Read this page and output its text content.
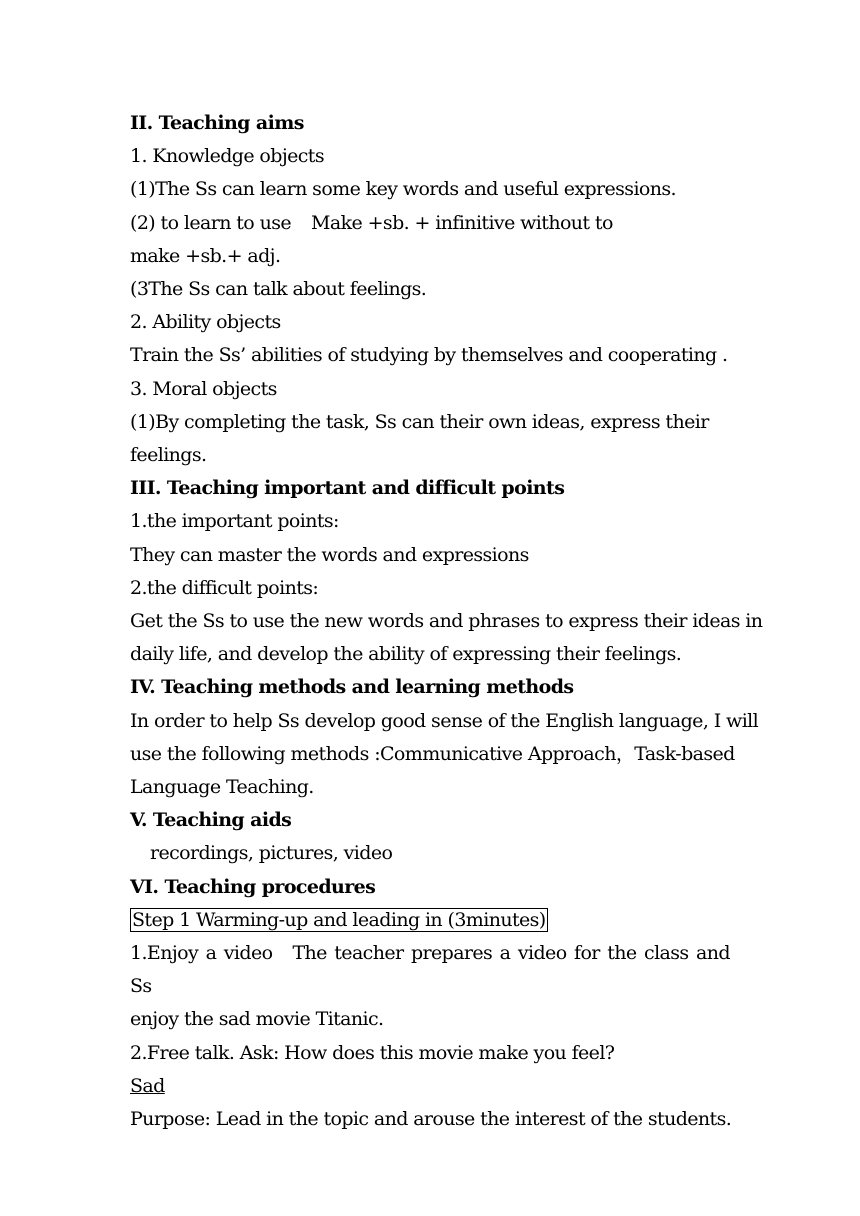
II. Teaching aims
1. Knowledge objects
(1)The Ss can learn some key words and useful expressions.
(2) to learn to use Make +sb. + infinitive without to
make +sb.+ adj.
(3The Ss can talk about feelings.
2. Ability objects
Train the Ss’ abilities of studying by themselves and cooperating .
3. Moral objects
(1)By completing the task, Ss can their own ideas, express their
feelings.
III. Teaching important and difficult points
1.the important points:
They can master the words and expressions
2.the difficult points:
Get the Ss to use the new words and phrases to express their ideas in
daily life, and develop the ability of expressing their feelings.
IV. Teaching methods and learning methods
In order to help Ss develop good sense of the English language, I will
use the following methods :Communicative Approach，Task-based
Language Teaching.
V. Teaching aids
recordings, pictures, video
VI. Teaching procedures
Step 1 Warming-up and leading in (3minutes)
1.Enjoy a video The teacher prepares a video for the class and Ss
enjoy the sad movie Titanic.
2.Free talk. Ask: How does this movie make you feel?
Sad
Purpose: Lead in the topic and arouse the interest of the students.
